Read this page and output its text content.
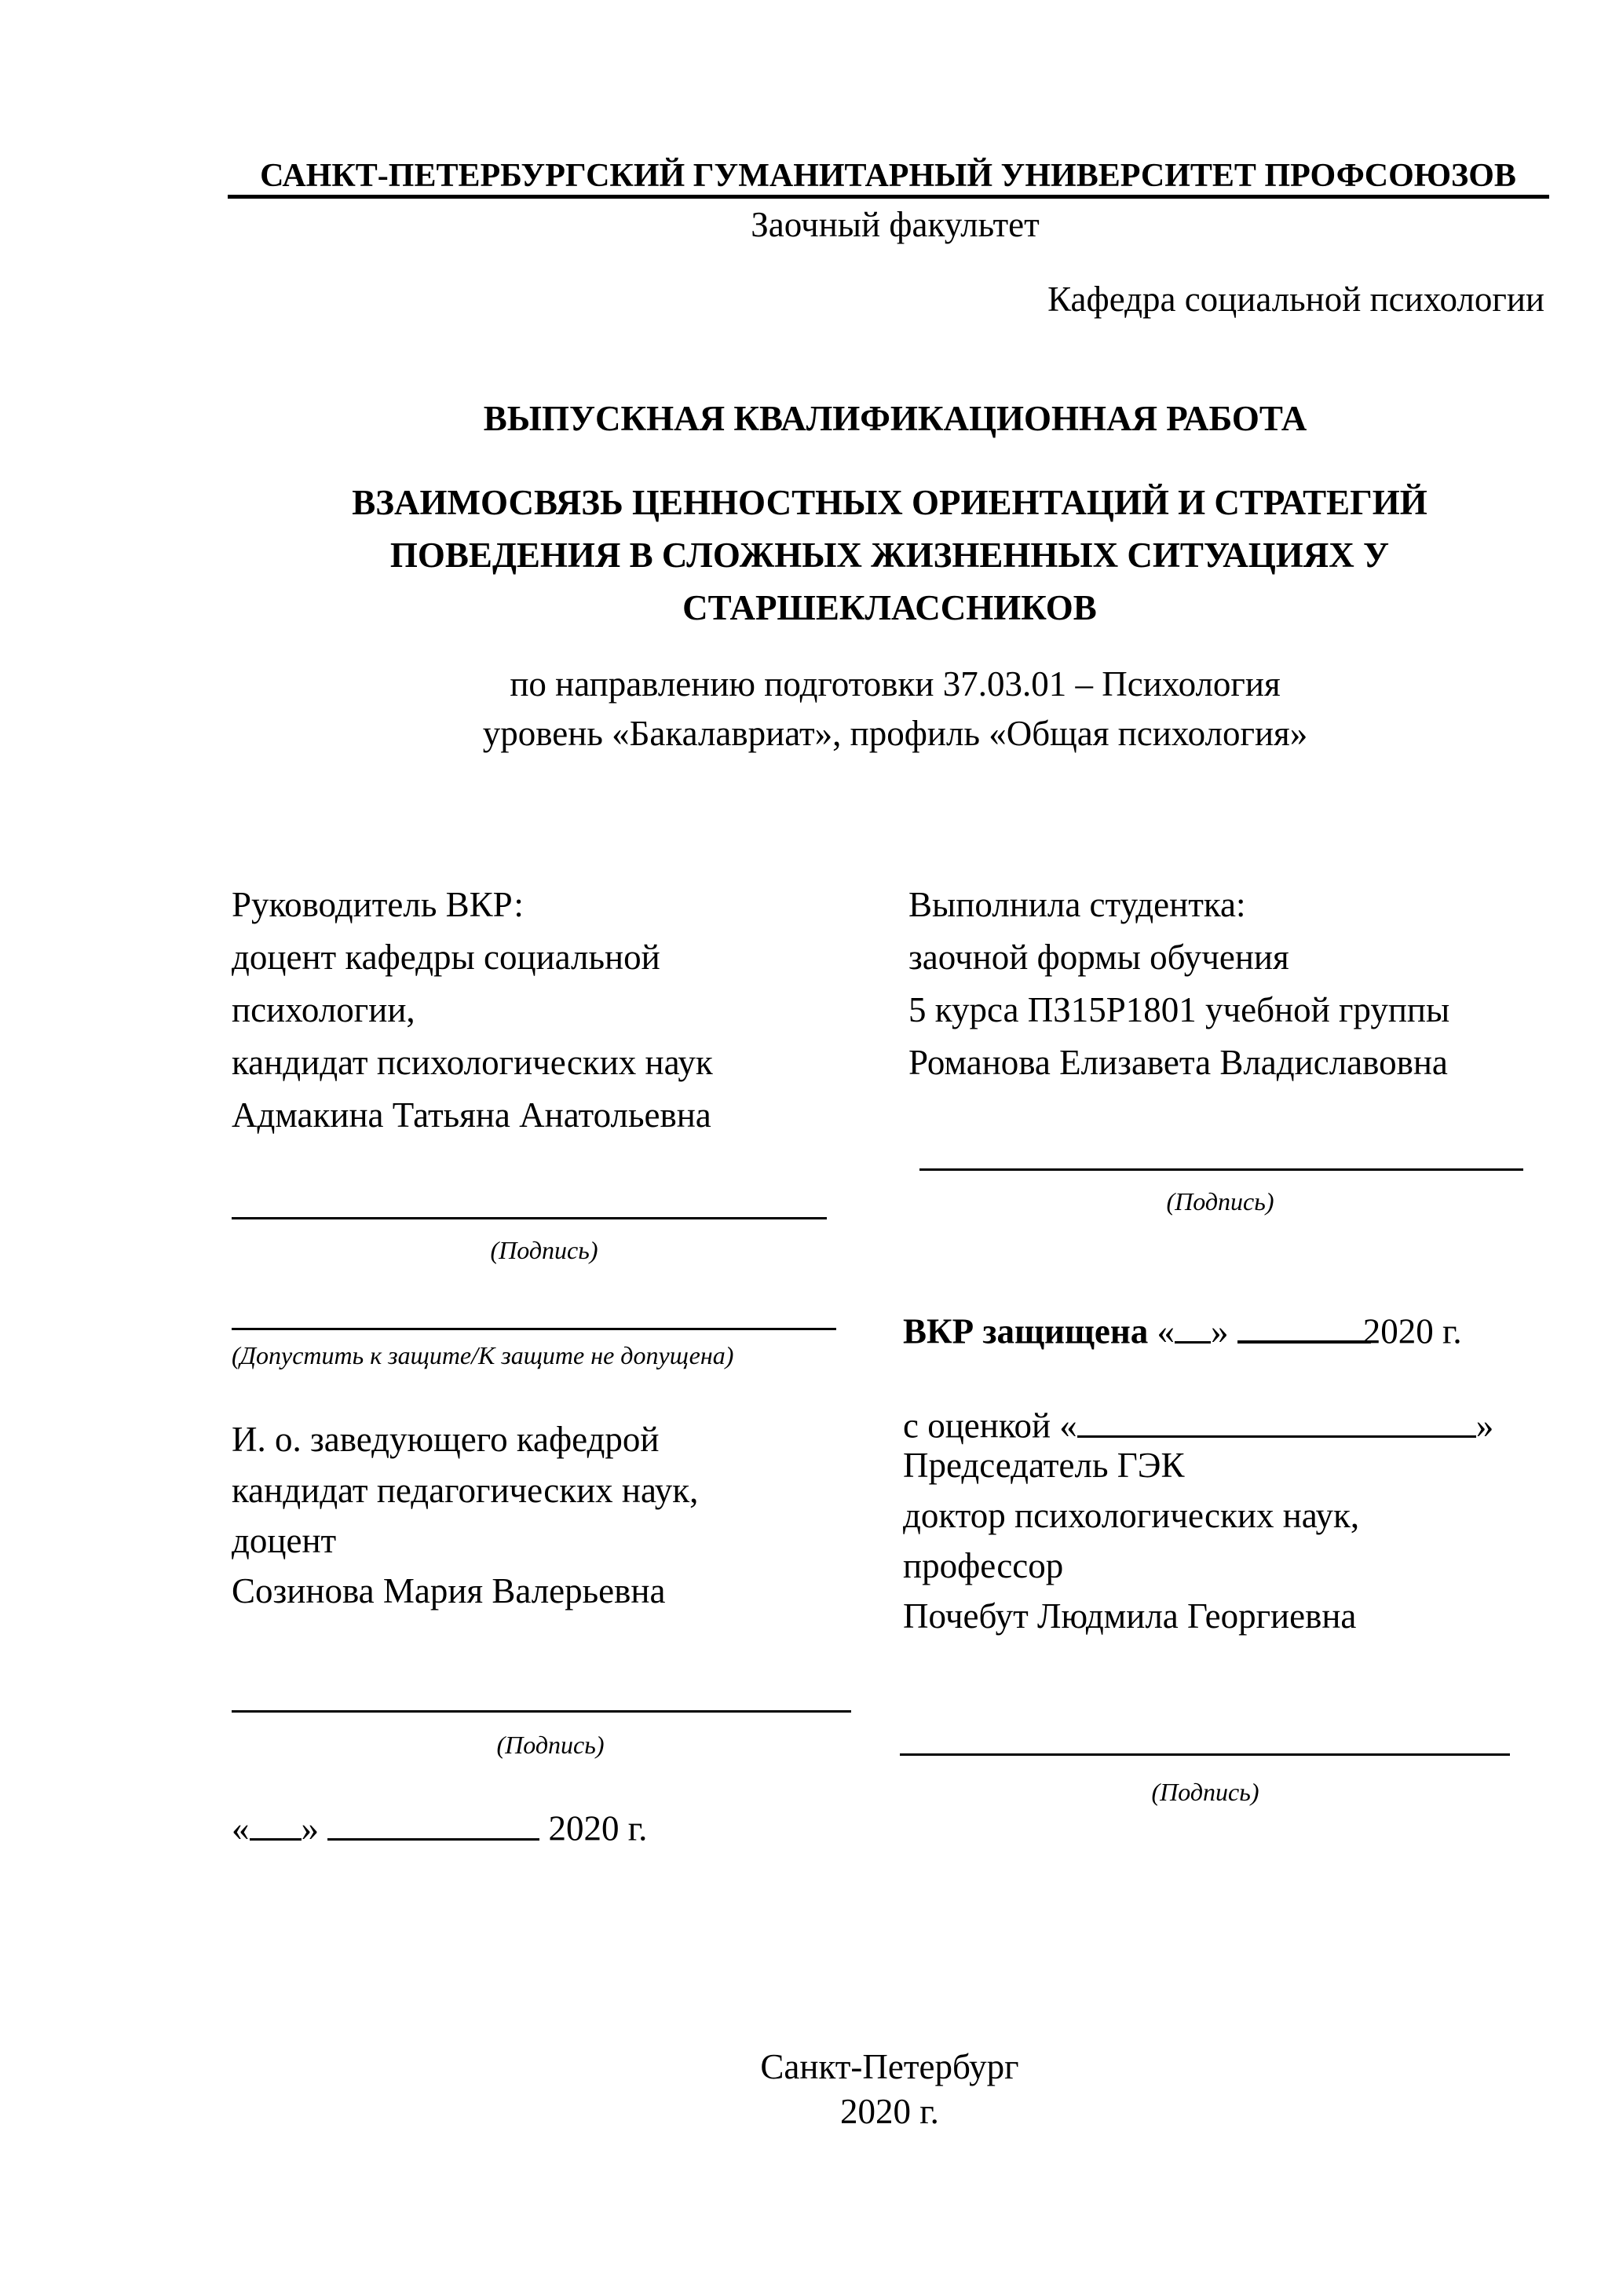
САНКТ-ПЕТЕРБУРГСКИЙ ГУМАНИТАРНЫЙ УНИВЕРСИТЕТ ПРОФСОЮЗОВ
Заочный факультет
Кафедра социальной психологии
ВЫПУСКНАЯ КВАЛИФИКАЦИОННАЯ РАБОТА
ВЗАИМОСВЯЗЬ ЦЕННОСТНЫХ ОРИЕНТАЦИЙ И СТРАТЕГИЙ
ПОВЕДЕНИЯ В СЛОЖНЫХ ЖИЗНЕННЫХ СИТУАЦИЯХ У
СТАРШЕКЛАССНИКОВ
по направлению подготовки 37.03.01 – Психология
уровень «Бакалавриат», профиль «Общая психология»
Руководитель ВКР:
доцент кафедры социальной
психологии,
кандидат психологических наук
Адмакина Татьяна Анатольевна
(Подпись)
(Допустить к защите/К защите не допущена)
И. о. заведующего кафедрой
кандидат педагогических наук,
доцент
Созинова Мария Валерьевна
(Подпись)
« »	2020 г.
Выполнила студентка:
заочной формы обучения
5 курса ПЗ15Р1801 учебной группы
Романова Елизавета Владиславовна
(Подпись)
ВКР защищена « »	2020 г.
с оценкой «	»
Председатель ГЭК
доктор психологических наук,
профессор
Почебут Людмила Георгиевна
(Подпись)
Санкт-Петербург
2020 г.
